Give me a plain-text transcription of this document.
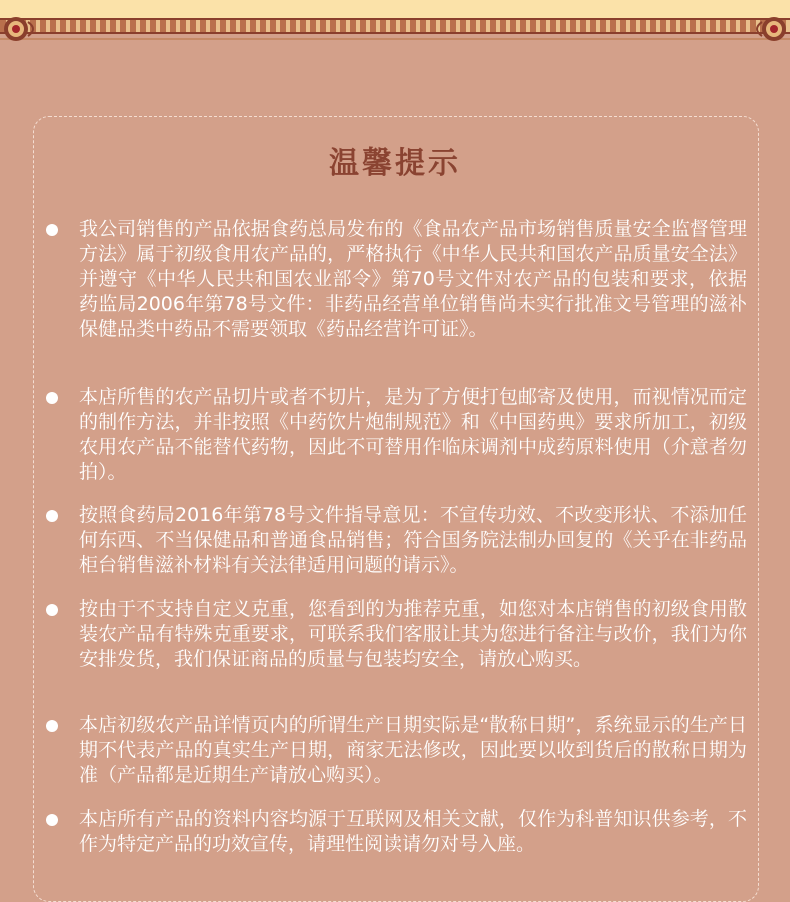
温馨提示
我公司销售的产品依据食药总局发布的《食品农产品市场销售质量安全监督管理方法》属于初级食用农产品的，严格执行《中华人民共和国农产品质量安全法》并遵守《中华人民共和国农业部令》第70号文件对农产品的包装和要求，依据药监局2006年第78号文件：非药品经营单位销售尚未实行批准文号管理的滋补保健品类中药品不需要领取《药品经营许可证》。
本店所售的农产品切片或者不切片，是为了方便打包邮寄及使用，而视情况而定的制作方法，并非按照《中药饮片炮制规范》和《中国药典》要求所加工，初级农用农产品不能替代药物，因此不可替用作临床调剂中成药原料使用（介意者勿拍）。
按照食药局2016年第78号文件指导意见：不宣传功效、不改变形状、不添加任何东西、不当保健品和普通食品销售；符合国务院法制办回复的《关乎在非药品柜台销售滋补材料有关法律适用问题的请示》。
按由于不支持自定义克重，您看到的为推荐克重，如您对本店销售的初级食用散装农产品有特殊克重要求，可联系我们客服让其为您进行备注与改价，我们为你安排发货，我们保证商品的质量与包装均安全，请放心购买。
本店初级农产品详情页内的所谓生产日期实际是“散称日期”，系统显示的生产日期不代表产品的真实生产日期，商家无法修改，因此要以收到货后的散称日期为准（产品都是近期生产请放心购买）。
本店所有产品的资料内容均源于互联网及相关文献，仅作为科普知识供参考，不作为特定产品的功效宣传，请理性阅读请勿对号入座。
